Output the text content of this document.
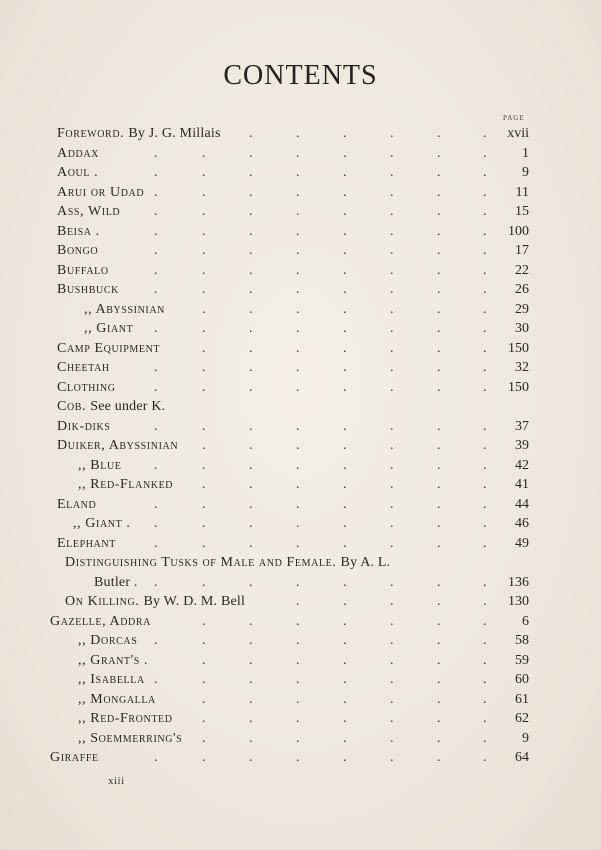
CONTENTS
PAGE
Foreword. By J. G. Millais	xvii
.	.	.	.	.	.
Addax	1
.	.	.	.	.	.	.	.
Aoul .	9
.	.	.	.	.	.	.	.
Arui or Udad	11
.	.	.	.	.	.	.	.
Ass, Wild	15
.	.	.	.	.	.	.	.
Beisa .	100
.	.	.	.	.	.	.	.
Bongo	17
.	.	.	.	.	.	.	.
Buffalo	22
.	.	.	.	.	.	.	.
Bushbuck	26
.	.	.	.	.	.	.	.
,, Abyssinian	29
.	.	.	.	.	.	.
,, Giant	30
.	.	.	.	.	.	.	.
Camp Equipment	150
.	.	.	.	.	.	.
Cheetah	32
.	.	.	.	.	.	.	.
Clothing	150
.	.	.	.	.	.	.	.
Cob. See under K.
Dik-diks	37
.	.	.	.	.	.	.	.
Duiker, Abyssinian	39
.	.	.	.	.	.	.
,, Blue	42
.	.	.	.	.	.	.	.
,, Red-Flanked	41
.	.	.	.	.	.	.
Eland	44
.	.	.	.	.	.	.	.
,, Giant .	46
.	.	.	.	.	.	.	.
Elephant	49
.	.	.	.	.	.	.	.
Distinguishing Tusks of Male and Female. By A. L.
Butler .	136
.	.	.	.	.	.	.	.
On Killing. By W. D. M. Bell	130
.	.	.	.	.
Gazelle, Addra	6
.	.	.	.	.	.	.
,, Dorcas	58
.	.	.	.	.	.	.	.
,, Grant's .	59
.	.	.	.	.	.	.
,, Isabella	60
.	.	.	.	.	.	.	.
,, Mongalla	61
.	.	.	.	.	.	.
,, Red-Fronted	62
.	.	.	.	.	.	.
,, Soemmerring's	9
.	.	.	.	.	.	.
Giraffe	64
.	.	.	.	.	.	.	.
xiii
